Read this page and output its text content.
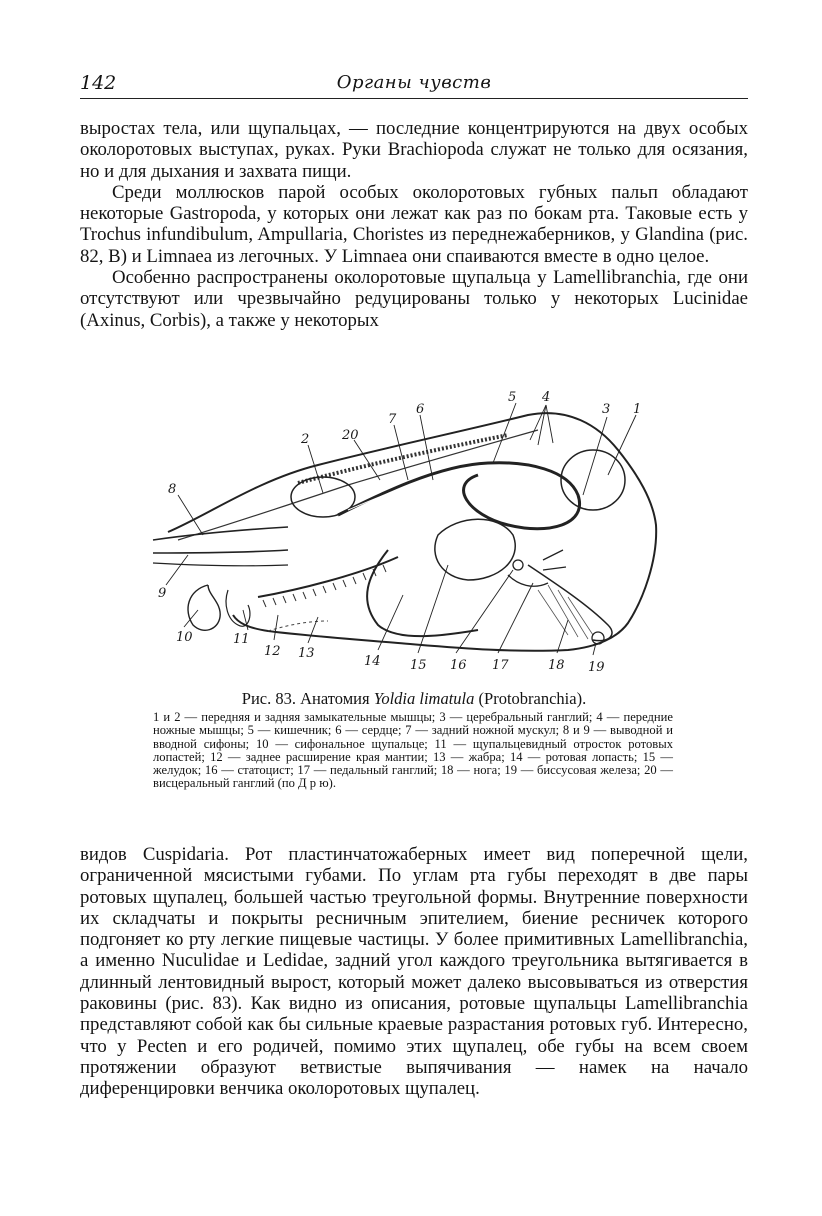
142	Органы чувств

выростах тела, или щупальцах, — последние концентрируются на двух особых околоротовых выступах, руках. Руки Brachiopoda служат не только для осязания, но и для дыхания и захвата пищи.

Среди моллюсков парой особых околоротовых губных пальп обладают некоторые Gastropoda, у которых они лежат как раз по бокам рта. Таковые есть у Trochus infundibulum, Ampullaria, Choristes из переднежаберников, у Glandina (рис. 82, B) и Limnaea из легочных. У Limnaea они спаиваются вместе в одно целое.

Особенно распространены околоротовые щупальца у Lamellibranchia, где они отсутствуют или чрезвычайно редуцированы только у некоторых Lucinidae (Axinus, Corbis), а также у некоторых

1
2
3
4
5
6
7
8
9
10	11
12 13
14 15 16 17	18 19
20
Рис. 83. Анатомия Yoldia limatula (Protobranchia).

1 и 2 — передняя и задняя замыкательные мышцы; 3 — церебральный ганглий; 4 — передние ножные мышцы; 5 — кишечник; 6 — сердце; 7 — задний ножной мускул; 8 и 9 — выводной и вводной сифоны; 10 — сифональное щупальце; 11 — щупальцевидный отросток ротовых лопастей; 12 — заднее расширение края мантии; 13 — жабра; 14 — ротовая лопасть; 15 — желудок; 16 — статоцист; 17 — педальный ганглий; 18 — нога; 19 — биссусовая железа; 20 — висцеральный ганглий (по Д р ю).

видов Cuspidaria. Рот пластинчатожаберных имеет вид поперечной щели, ограниченной мясистыми губами. По углам рта губы переходят в две пары ротовых щупалец, большей частью треугольной формы. Внутренние поверхности их складчаты и покрыты ресничным эпителием, биение ресничек которого подгоняет ко рту легкие пищевые частицы. У более примитивных Lamellibranchia, а именно Nuculidae и Ledidae, задний угол каждого треугольника вытягивается в длинный лентовидный вырост, который может далеко высовываться из отверстия раковины (рис. 83). Как видно из описания, ротовые щупальцы Lamellibranchia представляют собой как бы сильные краевые разрастания ротовых губ. Интересно, что у Pecten и его родичей, помимо этих щупалец, обе губы на всем своем протяжении образуют ветвистые выпячивания — намек на начало диференцировки венчика околоротовых щупалец.
